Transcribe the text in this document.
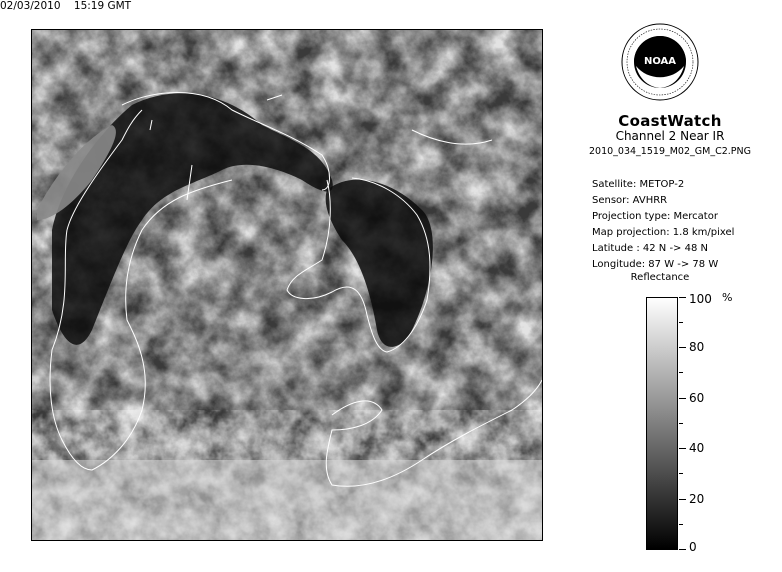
NOAA
CoastWatch
Channel 2 Near IR
2010_034_1519_M02_GM_C2.PNG
02/03/2010 15:19 GMT
Satellite: METOP-2
Sensor: AVHRR
Projection type: Mercator
Map projection: 1.8 km/pixel
Latitude : 42 N -> 48 N
Longitude: 87 W -> 78 W
Reflectance
%
100
80
60
40
20
0
